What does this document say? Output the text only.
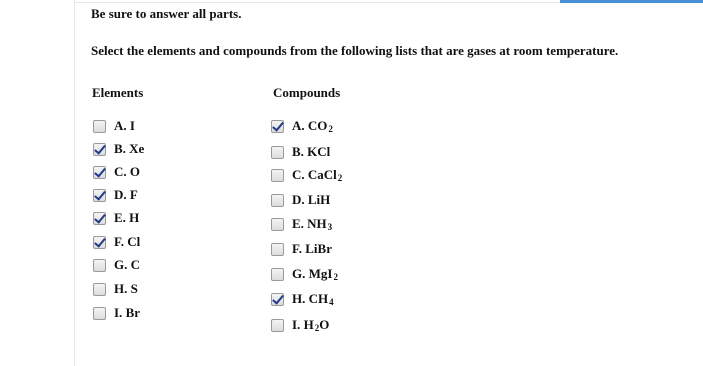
Be sure to answer all parts.
Select the elements and compounds from the following lists that are gases at room temperature.
Elements	Compounds
A. I
B. Xe
C. O
D. F
E. H
F. Cl
G. C
H. S
I. Br
A. $CO_2$
B. KCl
C. CaCl$_2$
D. LiH
E. $NH_3$
F. LiBr
G. MgI$_2$
H. $CH_4$
I. $H_2O$
